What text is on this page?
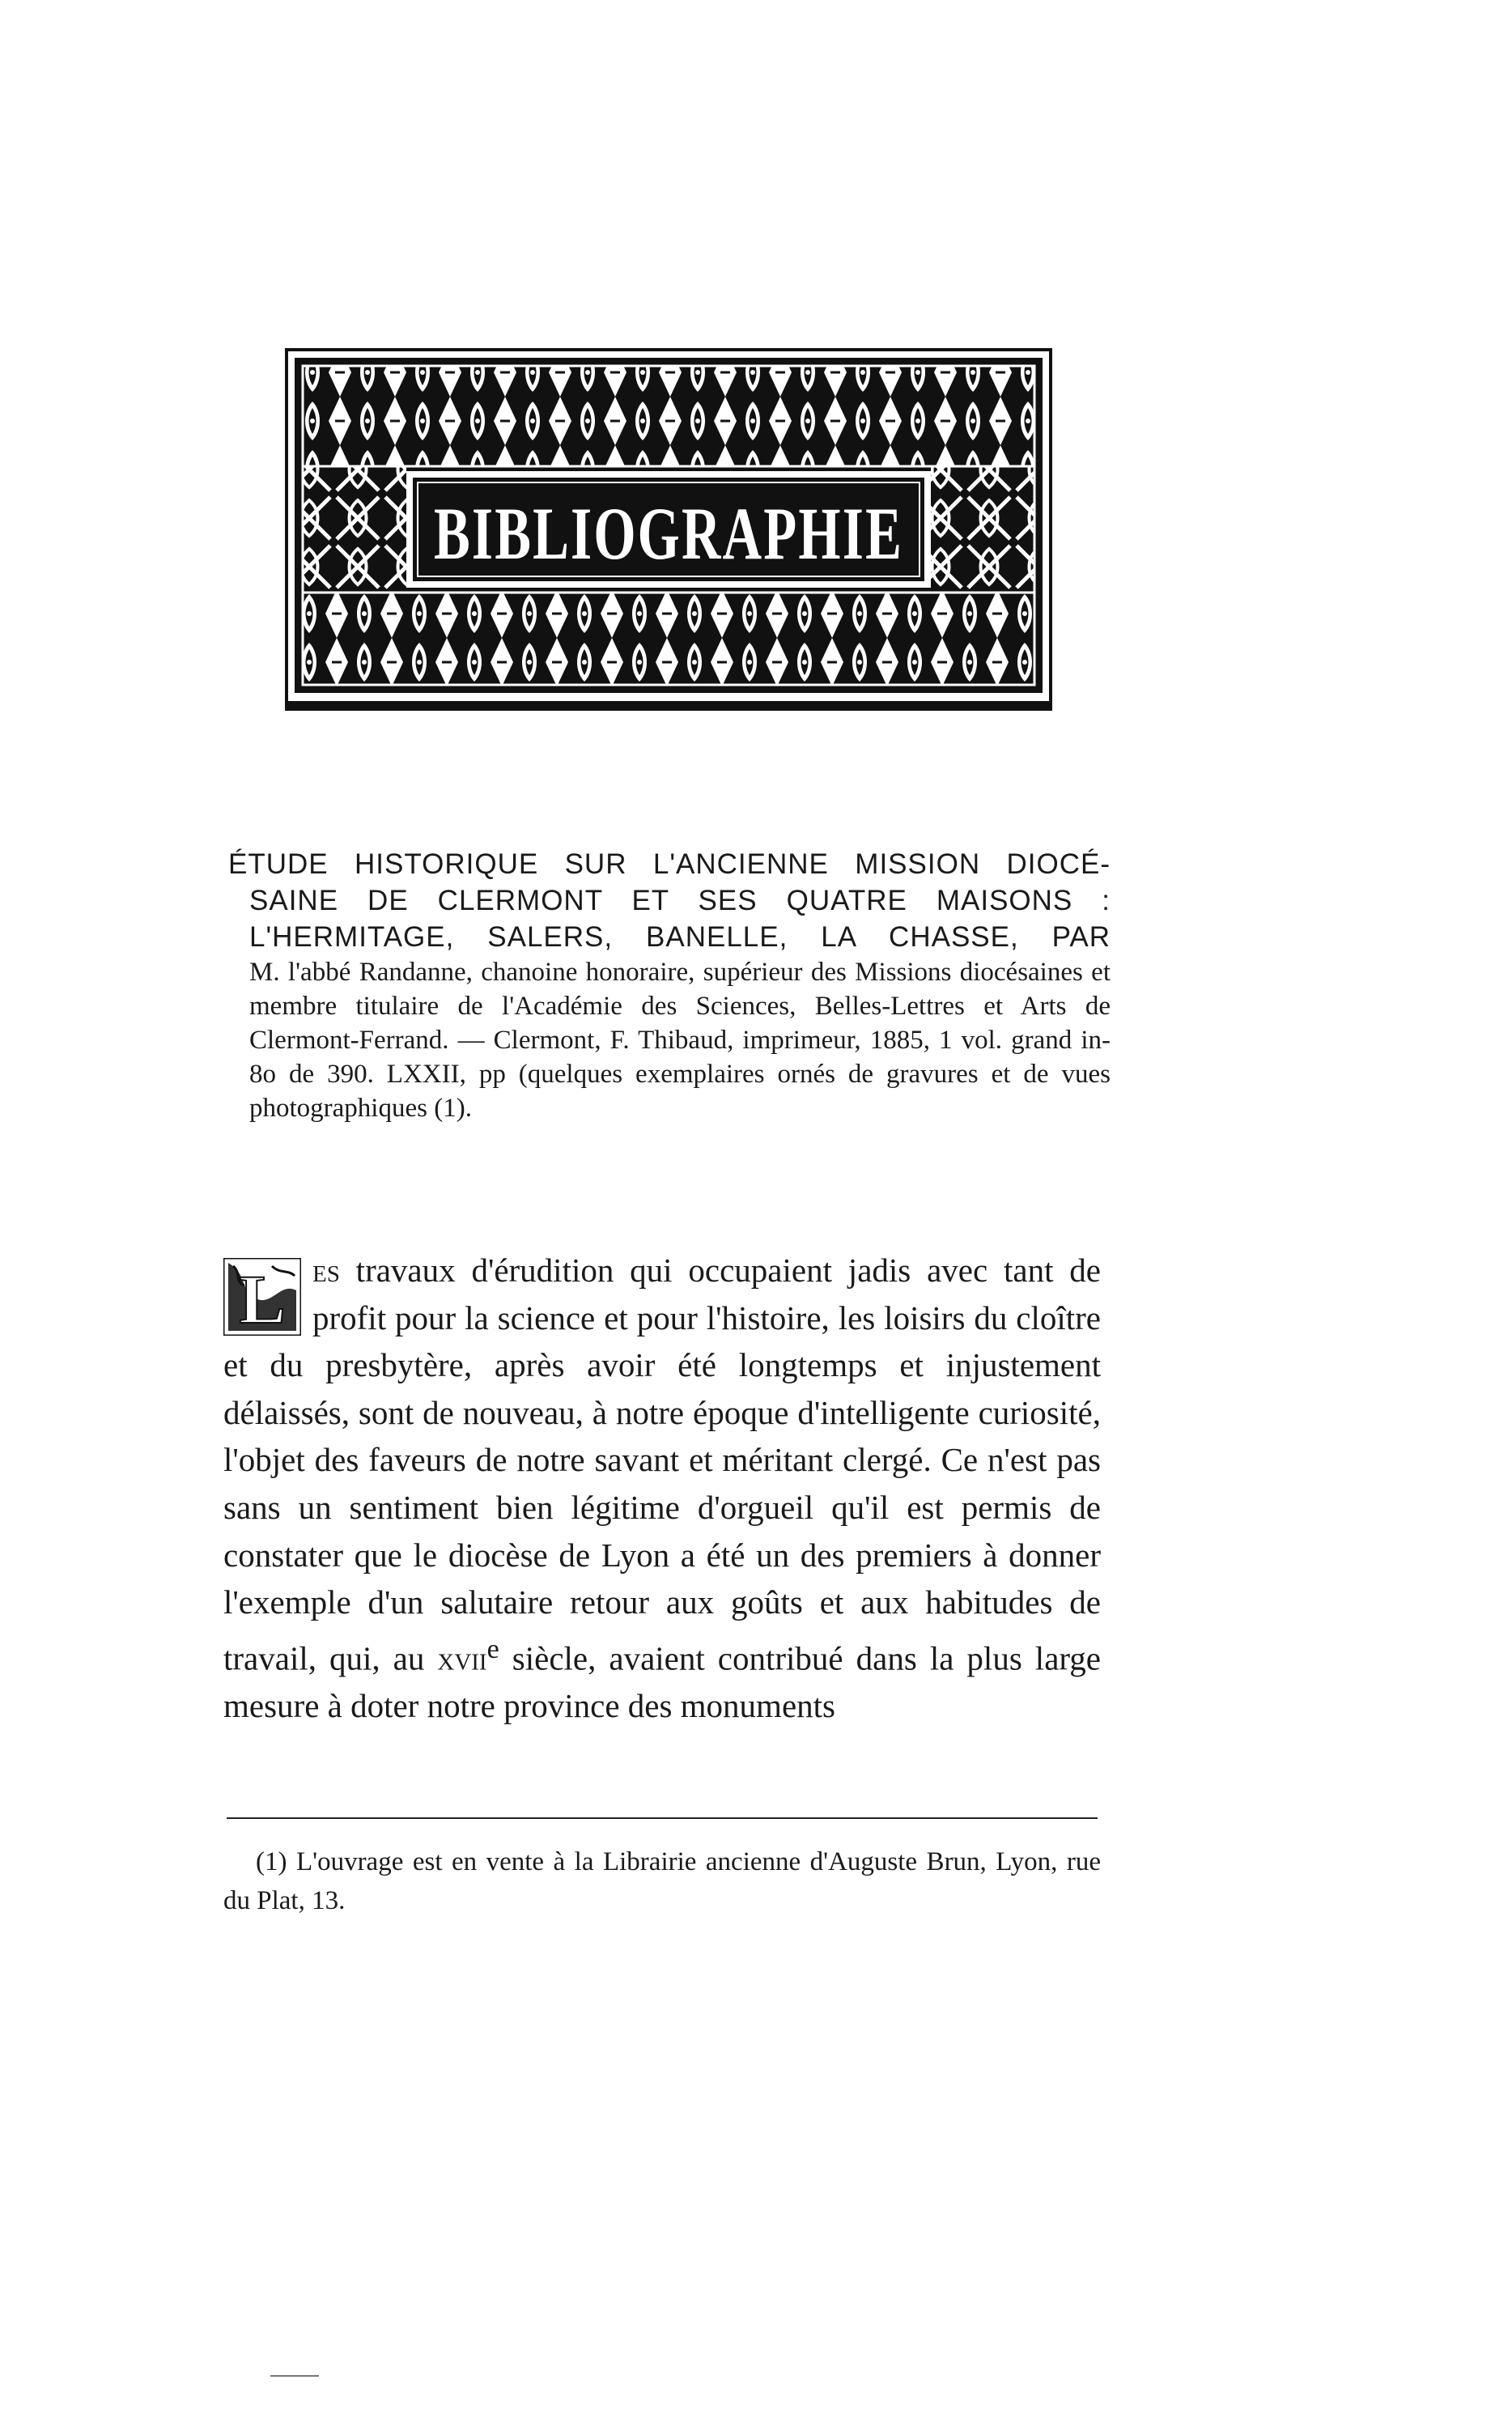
BIBLIOGRAPHIE

ÉTUDE HISTORIQUE SUR L'ANCIENNE MISSION DIOCÉ-

SAINE DE CLERMONT ET SES QUATRE MAISONS :

L'HERMITAGE, SALERS, BANELLE, LA CHASSE, PAR

M. l'abbé Randanne, chanoine honoraire, supérieur des Missions diocésaines et membre titulaire de l'Académie des Sciences, Belles-Lettres et Arts de Clermont-Ferrand. — Clermont, F. Thibaud, imprimeur, 1885, 1 vol. grand in-8o de 390. LXXII, pp (quelques exemplaires ornés de gravures et de vues photographiques (1).

L es travaux d'érudition qui occupaient jadis avec tant de profit pour la science et pour l'histoire, les loisirs du cloître et du presbytère, après avoir été longtemps et injustement délaissés, sont de nouveau, à notre époque d'intelligente curiosité, l'objet des faveurs de notre savant et méritant clergé. Ce n'est pas sans un sentiment bien légitime d'orgueil qu'il est permis de constater que le diocèse de Lyon a été un des premiers à donner l'exemple d'un salutaire retour aux goûts et aux habitudes de travail, qui, au xvii$^e$ siècle, avaient contribué dans la plus large mesure à doter notre province des monuments

(1) L'ouvrage est en vente à la Librairie ancienne d'Auguste Brun, Lyon, rue du Plat, 13.
